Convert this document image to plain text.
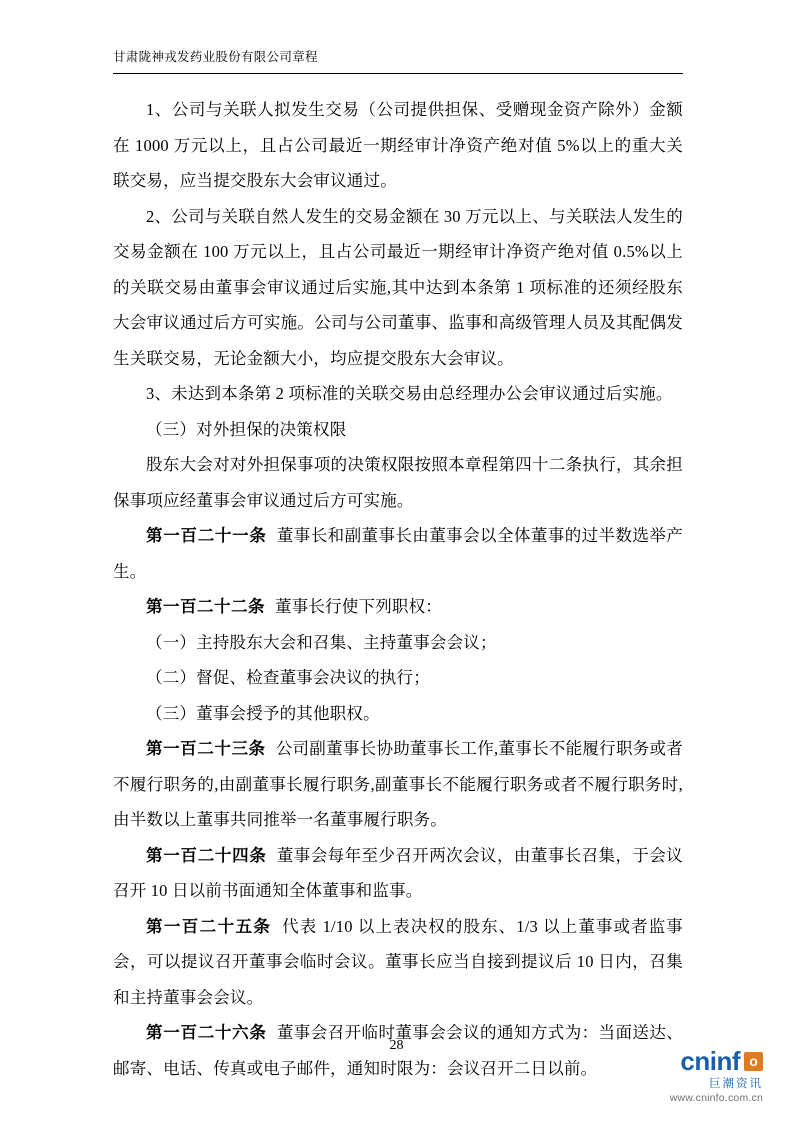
甘肃陇神戎发药业股份有限公司章程

1、公司与关联人拟发生交易（公司提供担保、受赠现金资产除外）金额在 1000 万元以上，且占公司最近一期经审计净资产绝对值 5%以上的重大关联交易，应当提交股东大会审议通过。

2、公司与关联自然人发生的交易金额在 30 万元以上、与关联法人发生的交易金额在 100 万元以上，且占公司最近一期经审计净资产绝对值 0.5%以上的关联交易由董事会审议通过后实施,其中达到本条第 1 项标准的还须经股东大会审议通过后方可实施。公司与公司董事、监事和高级管理人员及其配偶发生关联交易，无论金额大小，均应提交股东大会审议。

3、未达到本条第 2 项标准的关联交易由总经理办公会审议通过后实施。

（三）对外担保的决策权限

股东大会对对外担保事项的决策权限按照本章程第四十二条执行，其余担保事项应经董事会审议通过后方可实施。

第一百二十一条 董事长和副董事长由董事会以全体董事的过半数选举产生。

第一百二十二条 董事长行使下列职权：

（一）主持股东大会和召集、主持董事会会议；

（二）督促、检查董事会决议的执行；

（三）董事会授予的其他职权。

第一百二十三条 公司副董事长协助董事长工作,董事长不能履行职务或者不履行职务的,由副董事长履行职务,副董事长不能履行职务或者不履行职务时,由半数以上董事共同推举一名董事履行职务。

第一百二十四条 董事会每年至少召开两次会议，由董事长召集，于会议召开 10 日以前书面通知全体董事和监事。

第一百二十五条 代表 1/10 以上表决权的股东、1/3 以上董事或者监事会，可以提议召开董事会临时会议。董事长应当自接到提议后 10 日内，召集和主持董事会会议。

第一百二十六条 董事会召开临时董事会会议的通知方式为：当面送达、邮寄、电话、传真或电子邮件，通知时限为：会议召开二日以前。

28
cninf o
巨潮资讯
www.cninfo.com.cn
